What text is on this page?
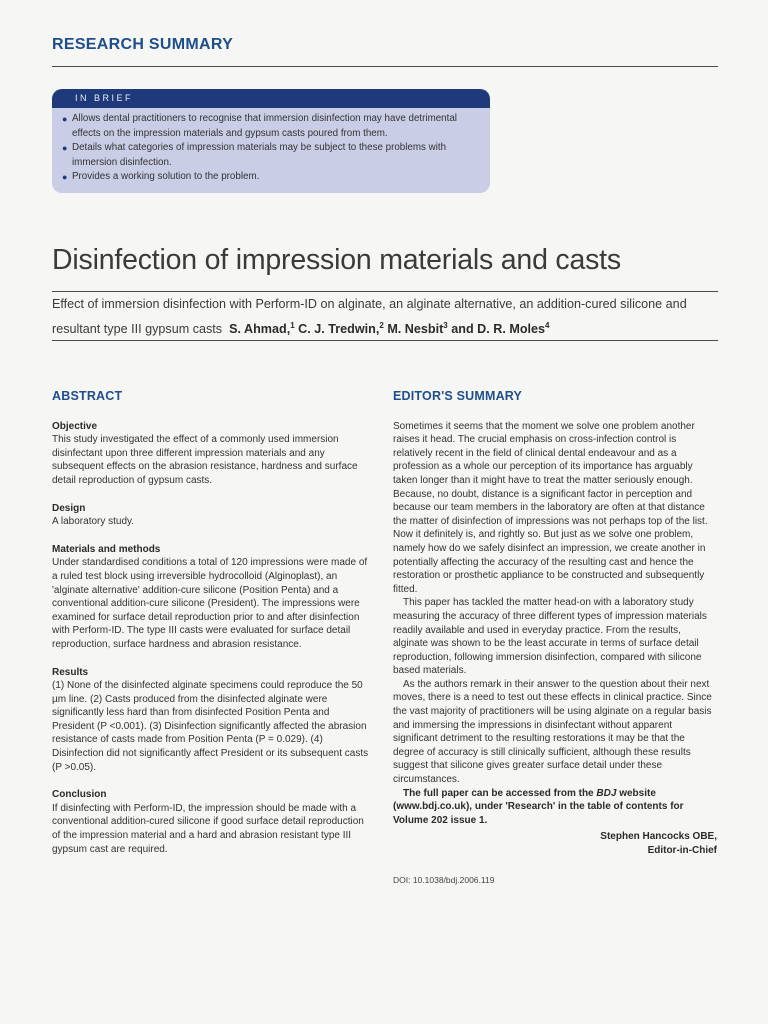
RESEARCH SUMMARY
IN BRIEF
● Allows dental practitioners to recognise that immersion disinfection may have detrimental effects on the impression materials and gypsum casts poured from them.
● Details what categories of impression materials may be subject to these problems with immersion disinfection.
● Provides a working solution to the problem.
Disinfection of impression materials and casts
Effect of immersion disinfection with Perform-ID on alginate, an alginate alternative, an addition-cured silicone and resultant type III gypsum casts S. Ahmad,$^1$ C. J. Tredwin,$^2$ M. Nesbit$^3$ and D. R. Moles$^4$
ABSTRACT
Objective

This study investigated the effect of a commonly used immersion disinfectant upon three different impression materials and any subsequent effects on the abrasion resistance, hardness and surface detail reproduction of gypsum casts.

Design

A laboratory study.

Materials and methods

Under standardised conditions a total of 120 impressions were made of a ruled test block using irreversible hydrocolloid (Alginoplast), an 'alginate alternative' addition-cure silicone (Position Penta) and a conventional addition-cure silicone (President). The impressions were examined for surface detail reproduction prior to and after disinfection with Perform-ID. The type III casts were evaluated for surface detail reproduction, surface hardness and abrasion resistance.

Results

(1) None of the disinfected alginate specimens could reproduce the 50 µm line. (2) Casts produced from the disinfected alginate were significantly less hard than from disinfected Position Penta and President (P <0.001). (3) Disinfection significantly affected the abrasion resistance of casts made from Position Penta (P = 0.029). (4) Disinfection did not significantly affect President or its subsequent casts (P >0.05).

Conclusion

If disinfecting with Perform-ID, the impression should be made with a conventional addition-cured silicone if good surface detail reproduction of the impression material and a hard and abrasion resistant type III gypsum cast are required.

EDITOR'S SUMMARY

Sometimes it seems that the moment we solve one problem another raises it head. The crucial emphasis on cross-infection control is relatively recent in the field of clinical dental endeavour and as a profession as a whole our perception of its importance has arguably taken longer than it might have to treat the matter seriously enough. Because, no doubt, distance is a significant factor in perception and because our team members in the laboratory are often at that distance the matter of disinfection of impressions was not perhaps top of the list. Now it definitely is, and rightly so. But just as we solve one problem, namely how do we safely disinfect an impression, we create another in potentially affecting the accuracy of the resulting cast and hence the restoration or prosthetic appliance to be constructed and subsequently fitted.

This paper has tackled the matter head-on with a laboratory study measuring the accuracy of three different types of impression materials readily available and used in everyday practice. From the results, alginate was shown to be the least accurate in terms of surface detail reproduction, following immersion disinfection, compared with silicone based materials.

As the authors remark in their answer to the question about their next moves, there is a need to test out these effects in clinical practice. Since the vast majority of practitioners will be using alginate on a regular basis and immersing the impressions in disinfectant without apparent significant detriment to the resulting restorations it may be that the degree of accuracy is still clinically sufficient, although these results suggest that silicone gives greater surface detail under these circumstances.

The full paper can be accessed from the BDJ website (www.bdj.co.uk), under 'Research' in the table of contents for Volume 202 issue 1.

Stephen Hancocks OBE,
Editor-in-Chief
DOI: 10.1038/bdj.2006.119
